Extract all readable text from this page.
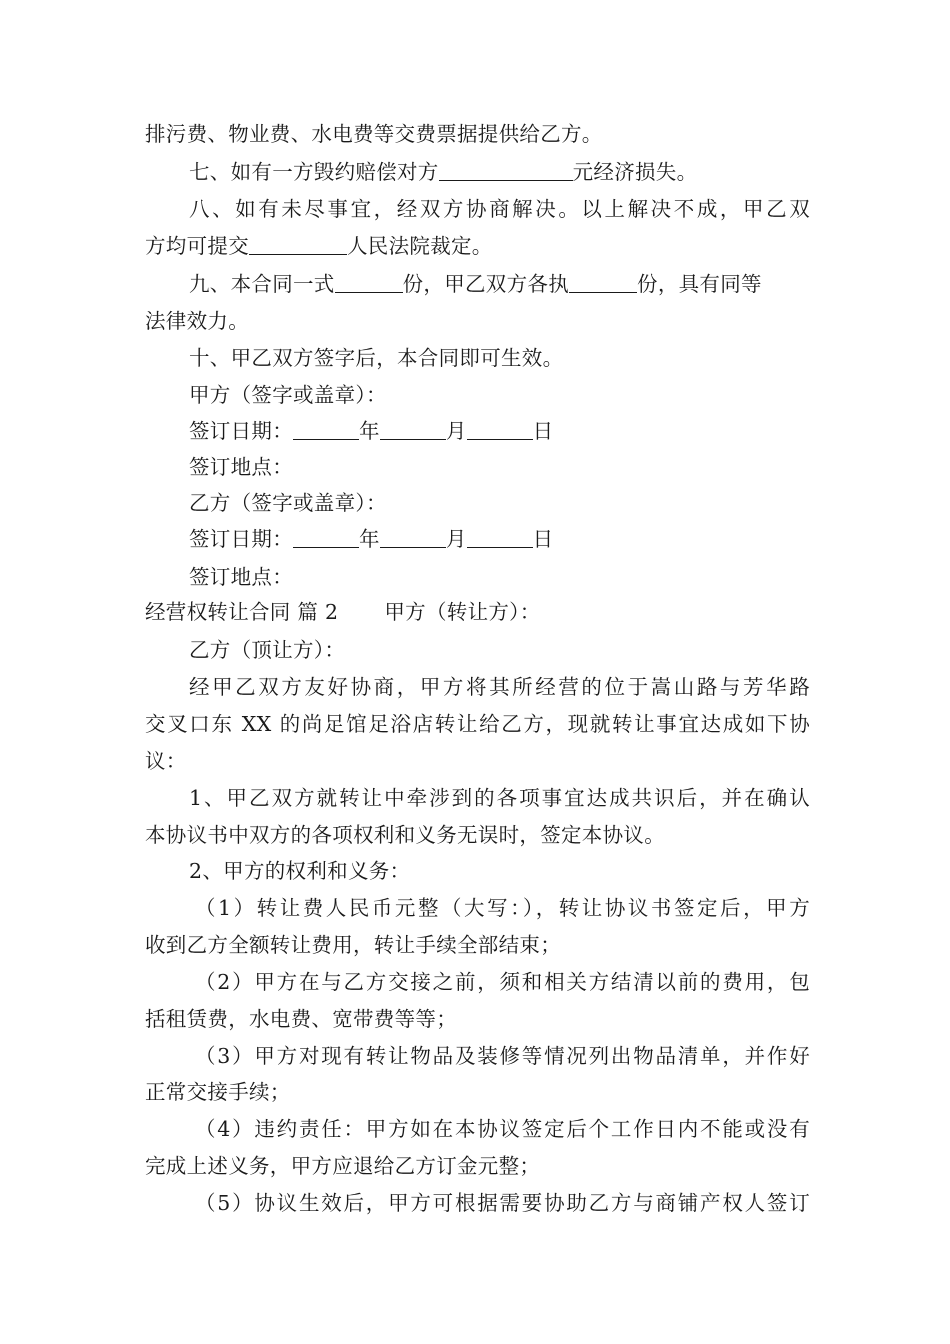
排污费、物业费、水电费等交费票据提供给乙方。
七、如有一方毁约赔偿对方	元经济损失。
八、如有未尽事宜，经双方协商解决。以上解决不成，甲乙双
方均可提交	人民法院裁定。
九、本合同一式	份，甲乙双方各执	份，具有同等
法律效力。
十、甲乙双方签字后，本合同即可生效。
甲方（签字或盖章）：
签订日期：	年	月	日
签订地点：
乙方（签字或盖章）：
签订日期：	年	月	日
签订地点：
经营权转让合同 篇 2 甲方（转让方）：
乙方（顶让方）：
经甲乙双方友好协商，甲方将其所经营的位于嵩山路与芳华路
交叉口东 XX 的尚足馆足浴店转让给乙方，现就转让事宜达成如下协
议：
1、甲乙双方就转让中牵涉到的各项事宜达成共识后，并在确认
本协议书中双方的各项权利和义务无误时，签定本协议。
2、甲方的权利和义务：
（1）转让费人民币元整（大写：），转让协议书签定后，甲方
收到乙方全额转让费用，转让手续全部结束；
（2）甲方在与乙方交接之前，须和相关方结清以前的费用，包
括租赁费，水电费、宽带费等等；
（3）甲方对现有转让物品及装修等情况列出物品清单，并作好
正常交接手续；
（4）违约责任：甲方如在本协议签定后个工作日内不能或没有
完成上述义务，甲方应退给乙方订金元整；
（5）协议生效后，甲方可根据需要协助乙方与商铺产权人签订
